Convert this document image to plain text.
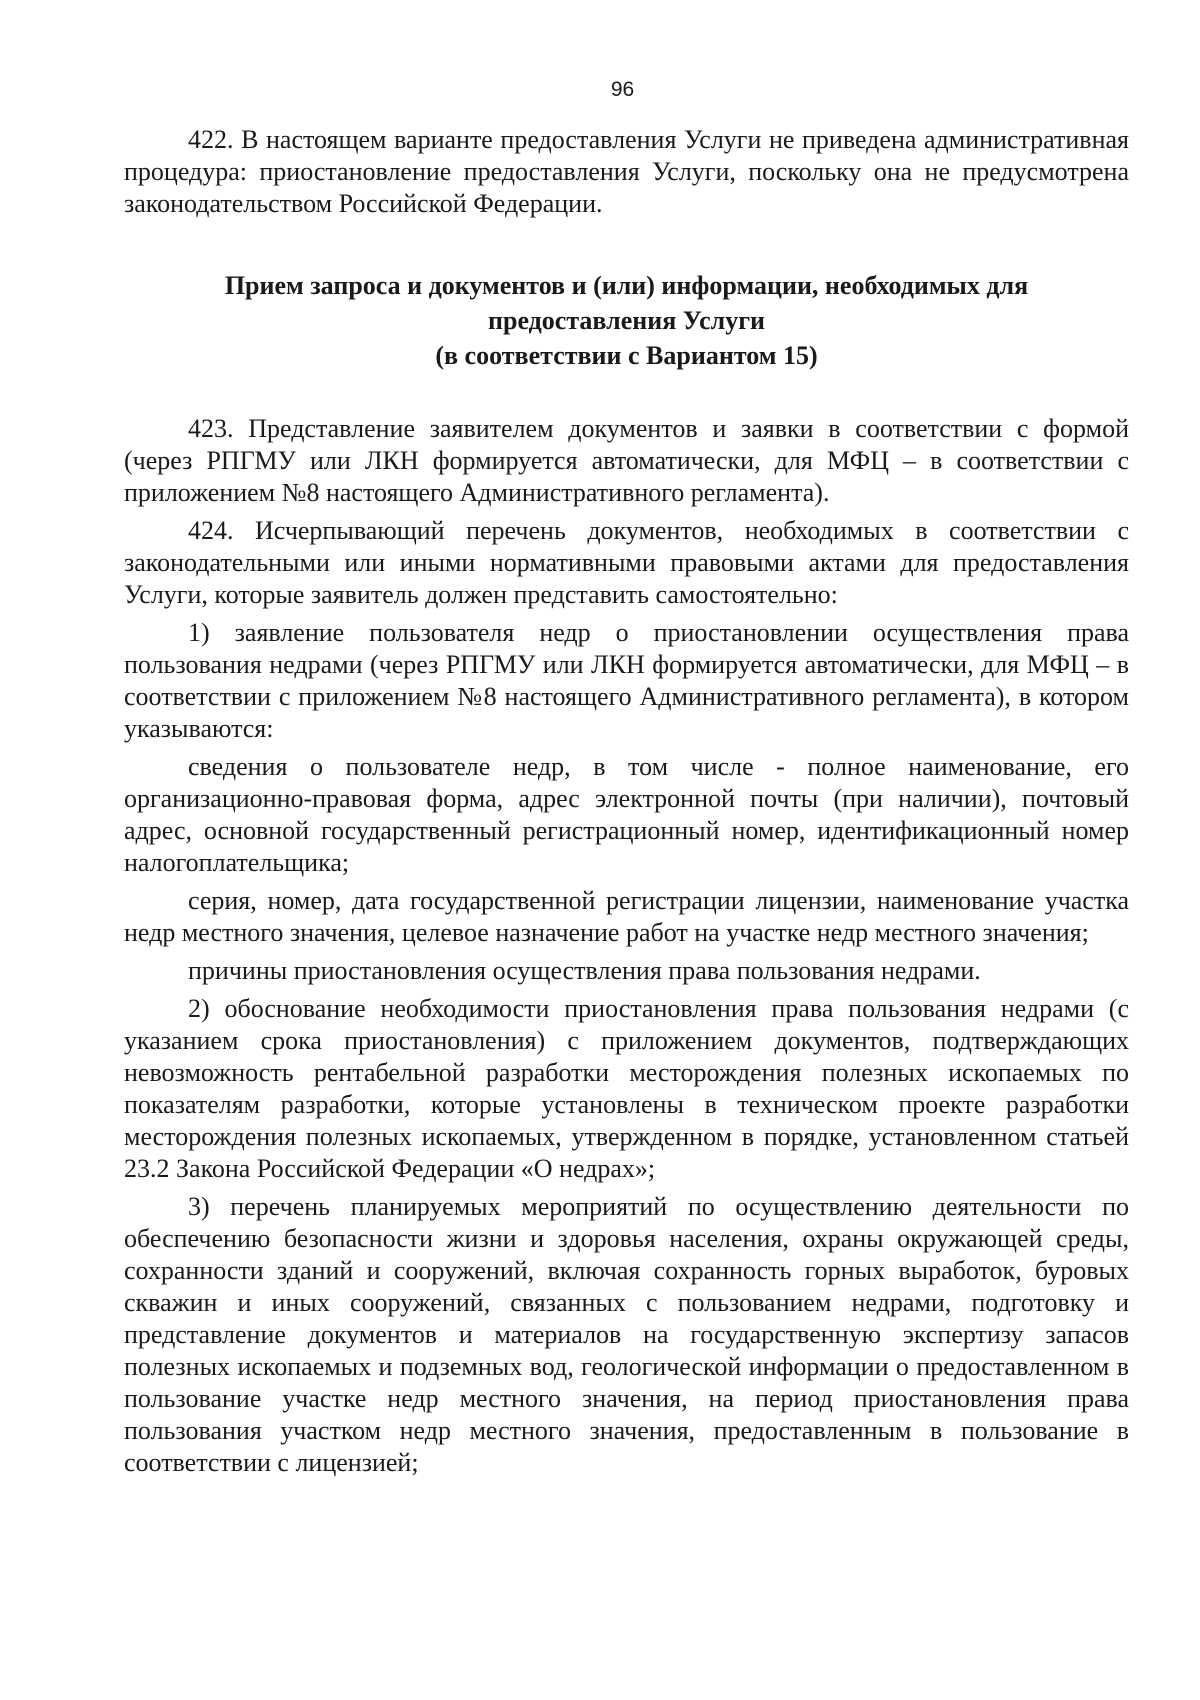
96

422. В настоящем варианте предоставления Услуги не приведена административная процедура: приостановление предоставления Услуги, поскольку она не предусмотрена законодательством Российской Федерации.

Прием запроса и документов и (или) информации, необходимых для
предоставления Услуги
(в соответствии с Вариантом 15)

423. Представление заявителем документов и заявки в соответствии с формой (через РПГМУ или ЛКН формируется автоматически, для МФЦ – в соответствии с приложением №8 настоящего Административного регламента).

424. Исчерпывающий перечень документов, необходимых в соответствии с законодательными или иными нормативными правовыми актами для предоставления Услуги, которые заявитель должен представить самостоятельно:

1) заявление пользователя недр о приостановлении осуществления права пользования недрами (через РПГМУ или ЛКН формируется автоматически, для МФЦ – в соответствии с приложением №8 настоящего Административного регламента), в котором указываются:

сведения о пользователе недр, в том числе - полное наименование, его организационно-правовая форма, адрес электронной почты (при наличии), почтовый адрес, основной государственный регистрационный номер, идентификационный номер налогоплательщика;

серия, номер, дата государственной регистрации лицензии, наименование участка недр местного значения, целевое назначение работ на участке недр местного значения;

причины приостановления осуществления права пользования недрами.

2) обоснование необходимости приостановления права пользования недрами (с указанием срока приостановления) с приложением документов, подтверждающих невозможность рентабельной разработки месторождения полезных ископаемых по показателям разработки, которые установлены в техническом проекте разработки месторождения полезных ископаемых, утвержденном в порядке, установленном статьей 23.2 Закона Российской Федерации «О недрах»;

3) перечень планируемых мероприятий по осуществлению деятельности по обеспечению безопасности жизни и здоровья населения, охраны окружающей среды, сохранности зданий и сооружений, включая сохранность горных выработок, буровых скважин и иных сооружений, связанных с пользованием недрами, подготовку и представление документов и материалов на государственную экспертизу запасов полезных ископаемых и подземных вод, геологической информации о предоставленном в пользование участке недр местного значения, на период приостановления права пользования участком недр местного значения, предоставленным в пользование в соответствии с лицензией;
